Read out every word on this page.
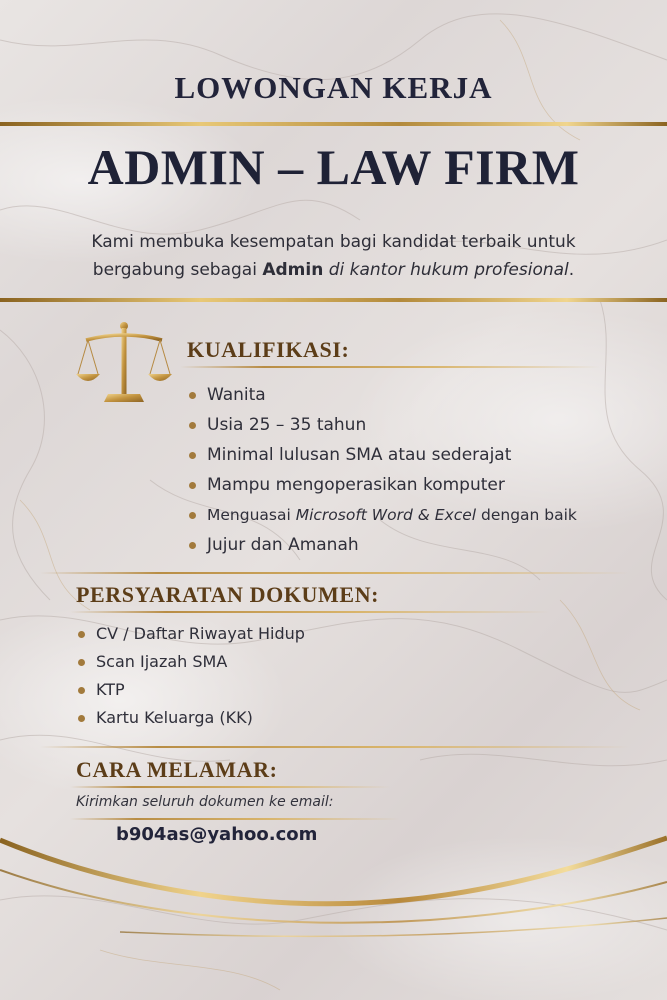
LOWONGAN KERJA
ADMIN – LAW FIRM
Kami membuka kesempatan bagi kandidat terbaik untuk
bergabung sebagai Admin di kantor hukum profesional.
KUALIFIKASI:
Wanita
Usia 25 – 35 tahun
Minimal lulusan SMA atau sederajat
Mampu mengoperasikan komputer
Menguasai Microsoft Word & Excel dengan baik
Jujur dan Amanah
PERSYARATAN DOKUMEN:
CV / Daftar Riwayat Hidup
Scan Ijazah SMA
KTP
Kartu Keluarga (KK)
CARA MELAMAR:
Kirimkan seluruh dokumen ke email:
b904as@yahoo.com
